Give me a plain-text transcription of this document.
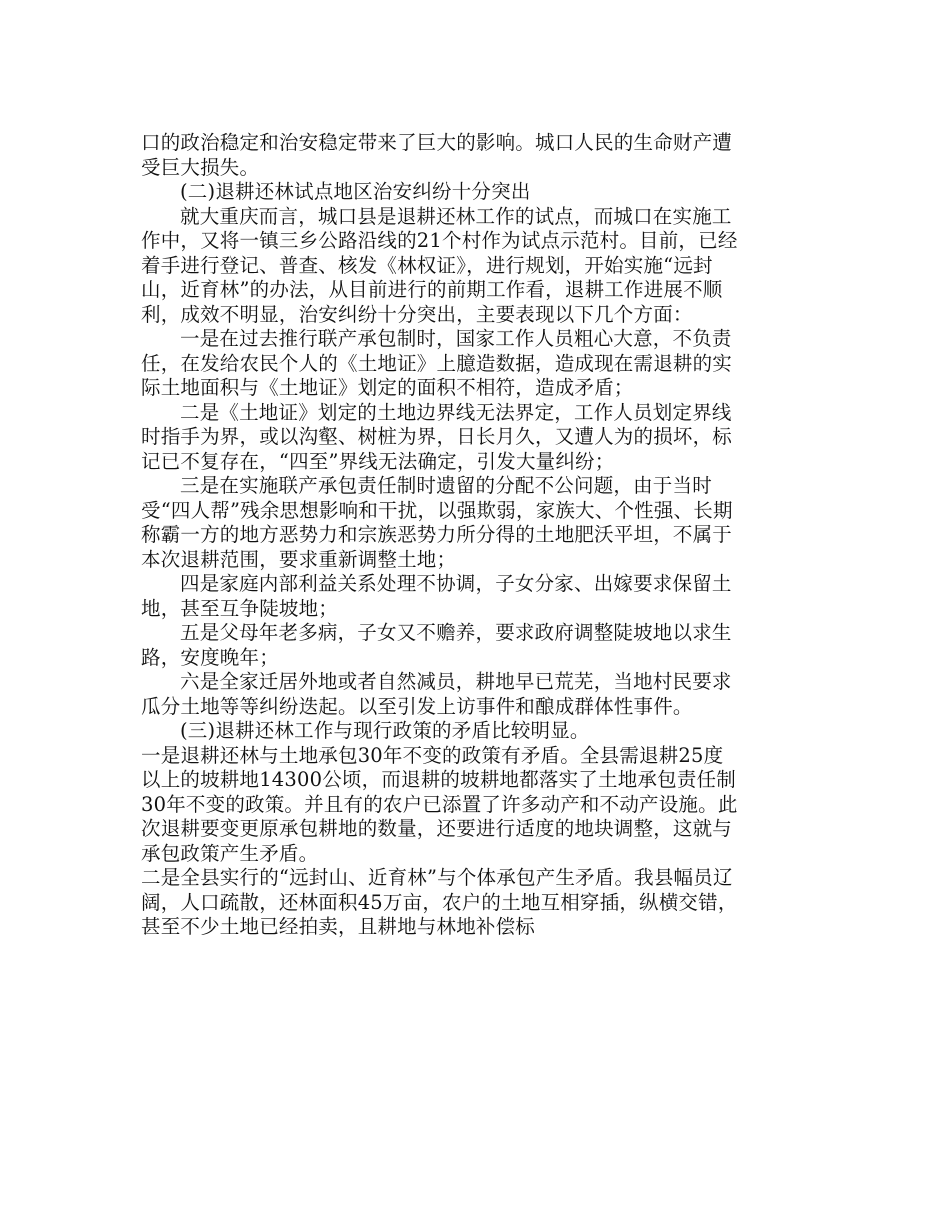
口的政治稳定和治安稳定带来了巨大的影响。城口人民的生命财产遭受巨大损失。

(二)退耕还林试点地区治安纠纷十分突出

就大重庆而言，城口县是退耕还林工作的试点，而城口在实施工作中，又将一镇三乡公路沿线的21个村作为试点示范村。目前，已经着手进行登记、普查、核发《林权证》，进行规划，开始实施“远封山，近育林”的办法，从目前进行的前期工作看，退耕工作进展不顺利，成效不明显，治安纠纷十分突出，主要表现以下几个方面：

一是在过去推行联产承包制时，国家工作人员粗心大意，不负责任，在发给农民个人的《土地证》上臆造数据，造成现在需退耕的实际土地面积与《土地证》划定的面积不相符，造成矛盾；

二是《土地证》划定的土地边界线无法界定，工作人员划定界线时指手为界，或以沟壑、树桩为界，日长月久，又遭人为的损坏，标记已不复存在，“四至”界线无法确定，引发大量纠纷；

三是在实施联产承包责任制时遗留的分配不公问题，由于当时受“四人帮”残余思想影响和干扰，以强欺弱，家族大、个性强、长期称霸一方的地方恶势力和宗族恶势力所分得的土地肥沃平坦，不属于本次退耕范围，要求重新调整土地；

四是家庭内部利益关系处理不协调，子女分家、出嫁要求保留土地，甚至互争陡坡地；

五是父母年老多病，子女又不赡养，要求政府调整陡坡地以求生路，安度晚年；

六是全家迁居外地或者自然减员，耕地早已荒芜，当地村民要求瓜分土地等等纠纷迭起。以至引发上访事件和酿成群体性事件。

(三)退耕还林工作与现行政策的矛盾比较明显。

一是退耕还林与土地承包30年不变的政策有矛盾。全县需退耕25度以上的坡耕地14300公顷，而退耕的坡耕地都落实了土地承包责任制30年不变的政策。并且有的农户已添置了许多动产和不动产设施。此次退耕要变更原承包耕地的数量，还要进行适度的地块调整，这就与承包政策产生矛盾。

二是全县实行的“远封山、近育林”与个体承包产生矛盾。我县幅员辽阔，人口疏散，还林面积45万亩，农户的土地互相穿插，纵横交错，甚至不少土地已经拍卖，且耕地与林地补偿标
